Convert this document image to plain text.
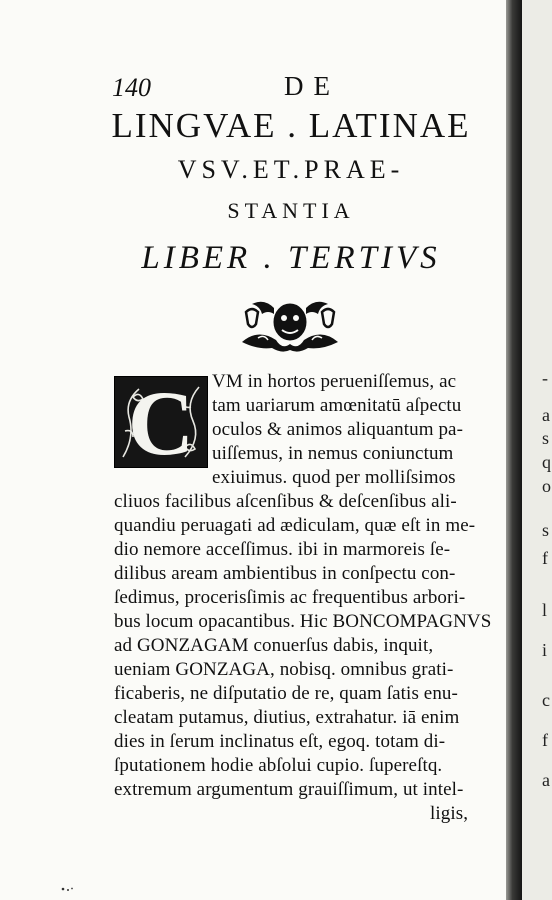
140	DE
LINGVAE . LATINAE
VSV.ET.PRAE-
STANTIA
LIBER . TERTIVS
C VM in hortos perueniſſemus, ac
tam uariarum amœnitatū aſpectu
oculos & animos aliquantum pa-
uiſſemus, in nemus coniunctum
exiuimus. quod per molliſsimos
cliuos facilibus aſcenſibus & deſcenſibus ali-
quandiu peruagati ad ædiculam, quæ eſt in me-
dio nemore acceſſimus. ibi in marmoreis ſe-
dilibus aream ambientibus in conſpectu con-
ſedimus, procerisſimis ac frequentibus arbori-
bus locum opacantibus. Hic BONCOMPAGNVS
ad GONZAGAM conuerſus dabis, inquit,
ueniam GONZAGA, nobisq. omnibus grati-
ficaberis, ne diſputatio de re, quam ſatis enu-
cleatam putamus, diutius, extrahatur. iā enim
dies in ſerum inclinatus eſt, egoq. totam di-
ſputationem hodie abſolui cupio. ſupereſtq.
extremum argumentum grauiſſimum, ut intel-
ligis,
-
a
s
q
o
s
f
l
i
c
f
a
